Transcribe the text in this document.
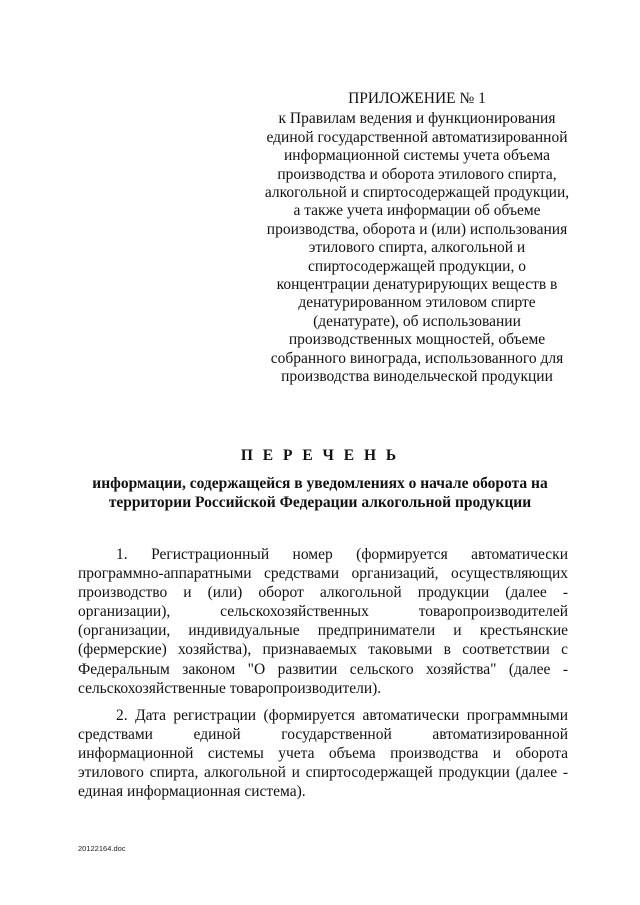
ПРИЛОЖЕНИЕ № 1

к Правилам ведения и функционирования единой государственной автоматизированной информационной системы учета объема производства и оборота этилового спирта, алкогольной и спиртосодержащей продукции, а также учета информации об объеме производства, оборота и (или) использования этилового спирта, алкогольной и спиртосодержащей продукции, о концентрации денатурирующих веществ в денатурированном этиловом спирте (денатурате), об использовании производственных мощностей, объеме собранного винограда, использованного для производства винодельческой продукции

П Е Р Е Ч Е Н Ь

информации, содержащейся в уведомлениях о начале оборота на территории Российской Федерации алкогольной продукции

1. Регистрационный номер (формируется автоматически программно-аппаратными средствами организаций, осуществляющих производство и (или) оборот алкогольной продукции (далее - организации), сельскохозяйственных товаропроизводителей (организации, индивидуальные предприниматели и крестьянские (фермерские) хозяйства), признаваемых таковыми в соответствии с Федеральным законом "О развитии сельского хозяйства" (далее - сельскохозяйственные товаропроизводители).

2. Дата регистрации (формируется автоматически программными средствами единой государственной автоматизированной информационной системы учета объема производства и оборота этилового спирта, алкогольной и спиртосодержащей продукции (далее - единая информационная система).

20122164.doc
